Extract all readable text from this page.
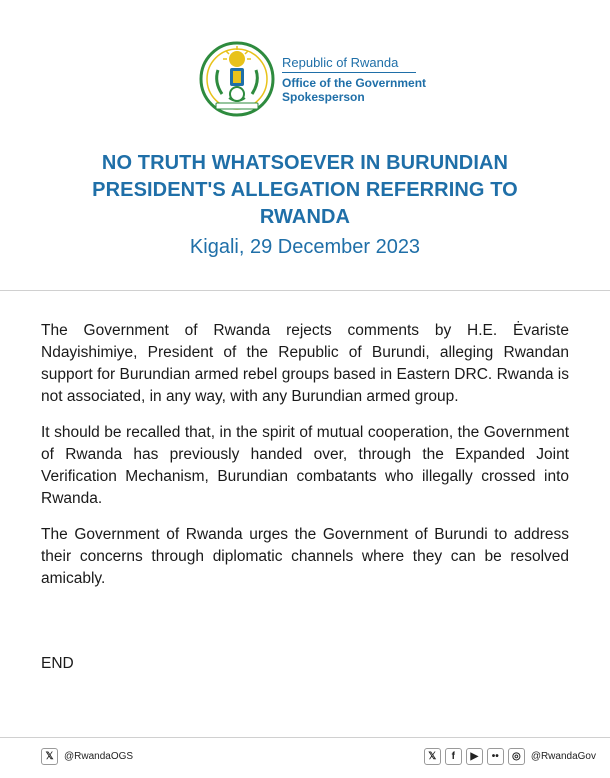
Republic of Rwanda
Office of the Government
Spokesperson
NO TRUTH WHATSOEVER IN BURUNDIAN
PRESIDENT'S ALLEGATION REFERRING TO
RWANDA
Kigali, 29 December 2023

The Government of Rwanda rejects comments by H.E. Ėvariste Ndayishimiye, President of the Republic of Burundi, alleging Rwandan support for Burundian armed rebel groups based in Eastern DRC. Rwanda is not associated, in any way, with any Burundian armed group.

It should be recalled that, in the spirit of mutual cooperation, the Government of Rwanda has previously handed over, through the Expanded Joint Verification Mechanism, Burundian combatants who illegally crossed into Rwanda.

The Government of Rwanda urges the Government of Burundi to address their concerns through diplomatic channels where they can be resolved amicably.

END
𝕏	@RwandaOGS	𝕏	f	▶	••	◎	@RwandaGov
